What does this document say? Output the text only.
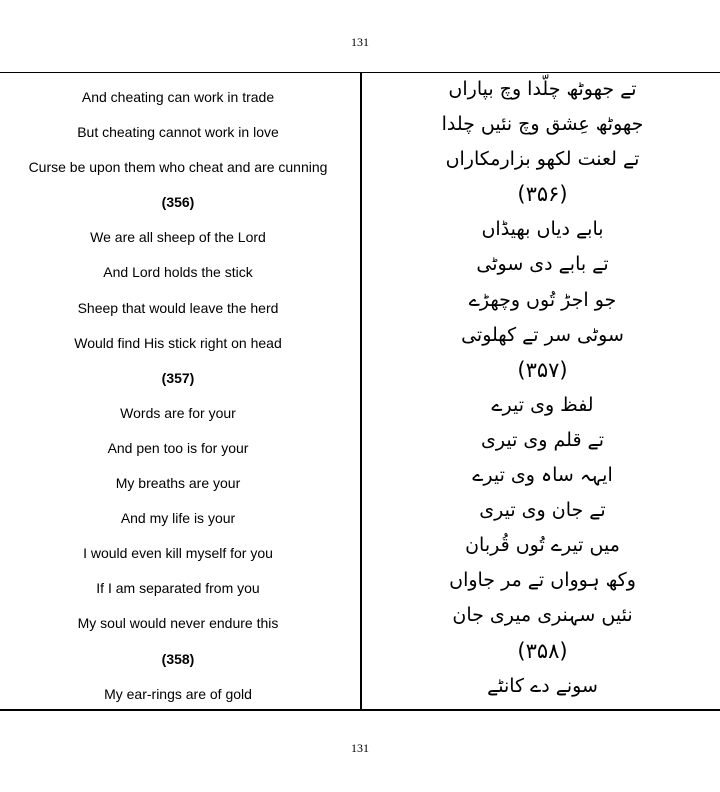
131
And cheating can work in trade	تے جھوٹھ چلّدا وچ بپاراں
But cheating cannot work in love	جھوٹھ عِشق وچ نئیں چلدا
Curse be upon them who cheat and are cunning	تے لعنت لکھو بزارمکاراں
(356)	(۳۵۶)
We are all sheep of the Lord	بابے دیاں بھیڈاں
And Lord holds the stick	تے بابے دی سوٹی
Sheep that would leave the herd	جو اجڑ تُوں وچھڑے
Would find His stick right on head	سوٹی سر تے کھلوتی
(357)	(۳۵۷)
Words are for your	لفظ وی تیرے
And pen too is for your	تے قلم وی تیری
My breaths are your	ایہہ ساہ وی تیرے
And my life is your	تے جان وی تیری
I would even kill myself for you	میں تیرے تُوں قُربان
If I am separated from you	وکھ ہوواں تے مر جاواں
My soul would never endure this	نئیں سہنری میری جان
(358)	(۳۵۸)
My ear-rings are of gold	سونے دے کانٹے
131
